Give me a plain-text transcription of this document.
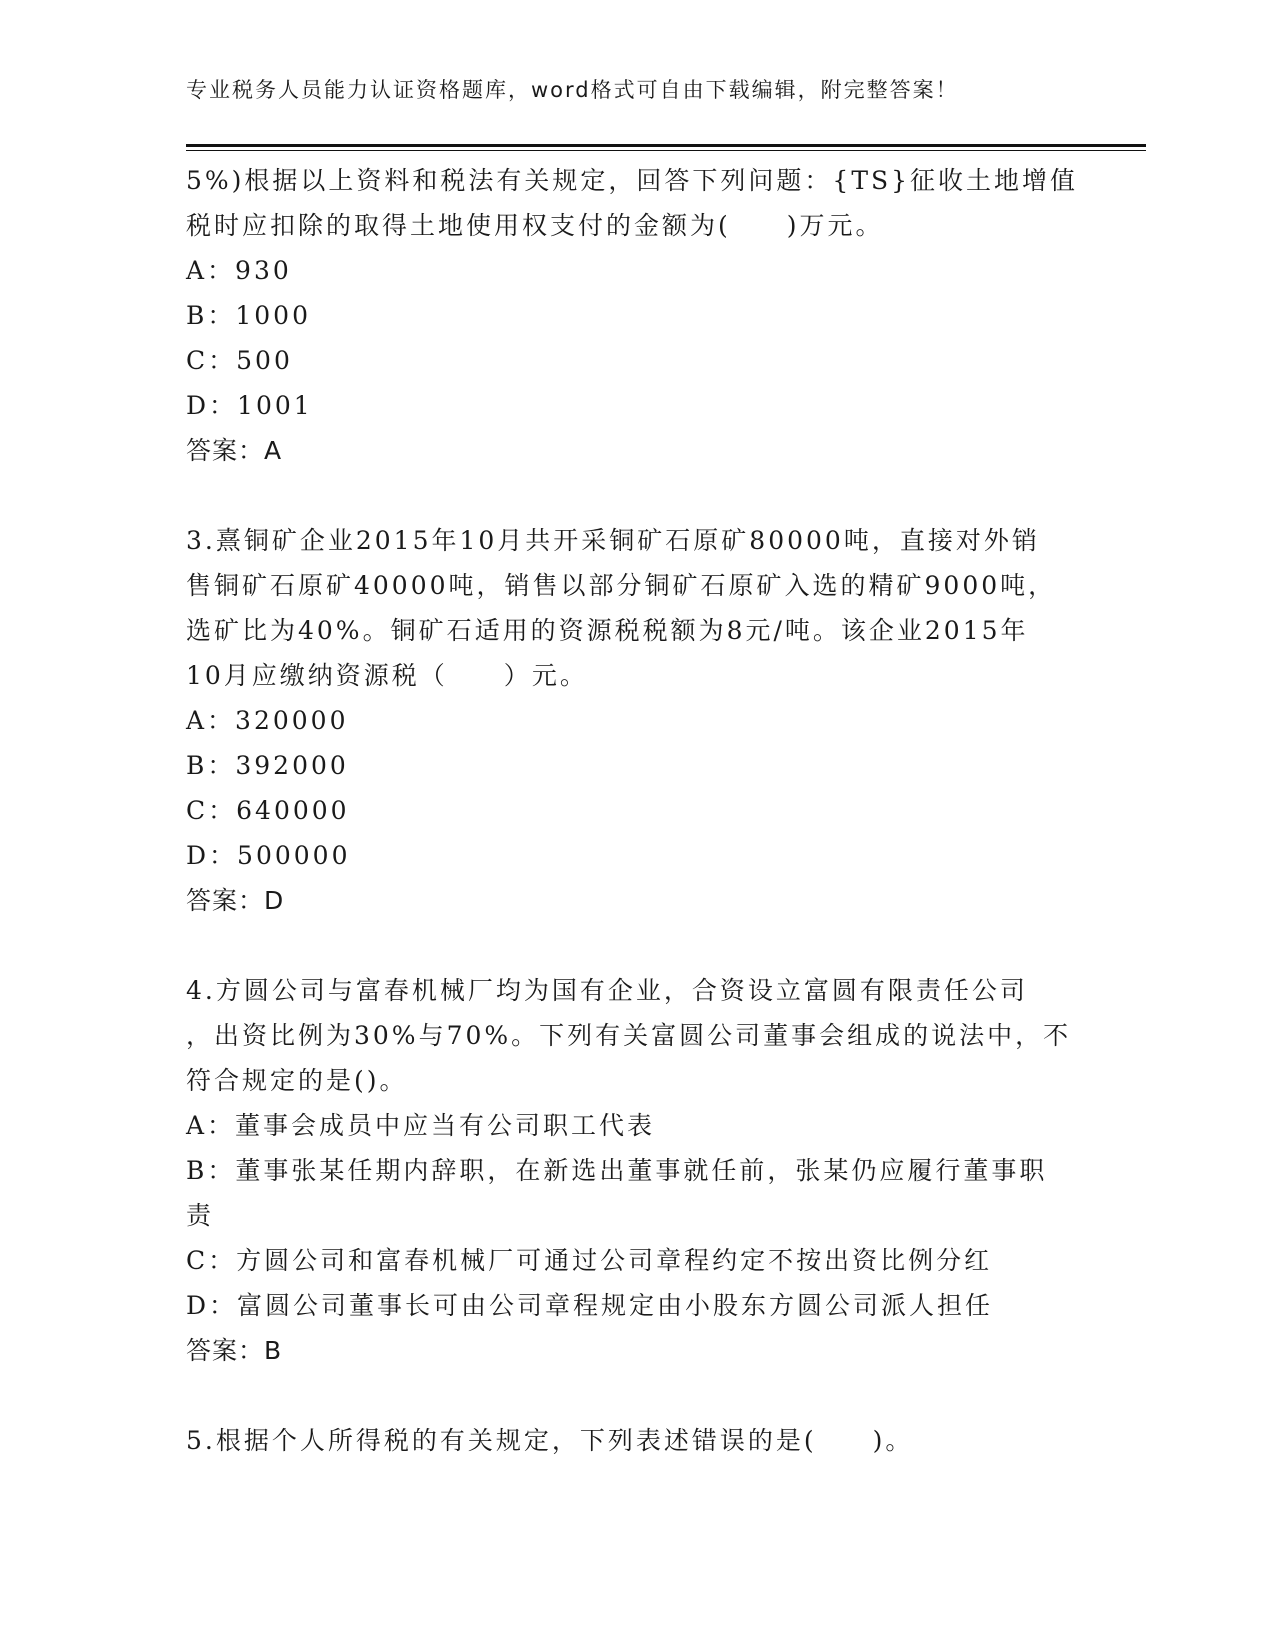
专业税务人员能力认证资格题库，word格式可自由下载编辑，附完整答案！
5%)根据以上资料和税法有关规定，回答下列问题：{TS}征收土地增值
税时应扣除的取得土地使用权支付的金额为(　　)万元。
A：930
B：1000
C：500
D：1001
答案：A
3.熹铜矿企业2015年10月共开采铜矿石原矿80000吨，直接对外销
售铜矿石原矿40000吨，销售以部分铜矿石原矿入选的精矿9000吨，
选矿比为40%。铜矿石适用的资源税税额为8元/吨。该企业2015年
10月应缴纳资源税（　　）元。
A：320000
B：392000
C：640000
D：500000
答案：D
4.方圆公司与富春机械厂均为国有企业，合资设立富圆有限责任公司
，出资比例为30%与70%。下列有关富圆公司董事会组成的说法中，不
符合规定的是()。
A：董事会成员中应当有公司职工代表
B：董事张某任期内辞职，在新选出董事就任前，张某仍应履行董事职
责
C：方圆公司和富春机械厂可通过公司章程约定不按出资比例分红
D：富圆公司董事长可由公司章程规定由小股东方圆公司派人担任
答案：B
5.根据个人所得税的有关规定，下列表述错误的是(　　)。
